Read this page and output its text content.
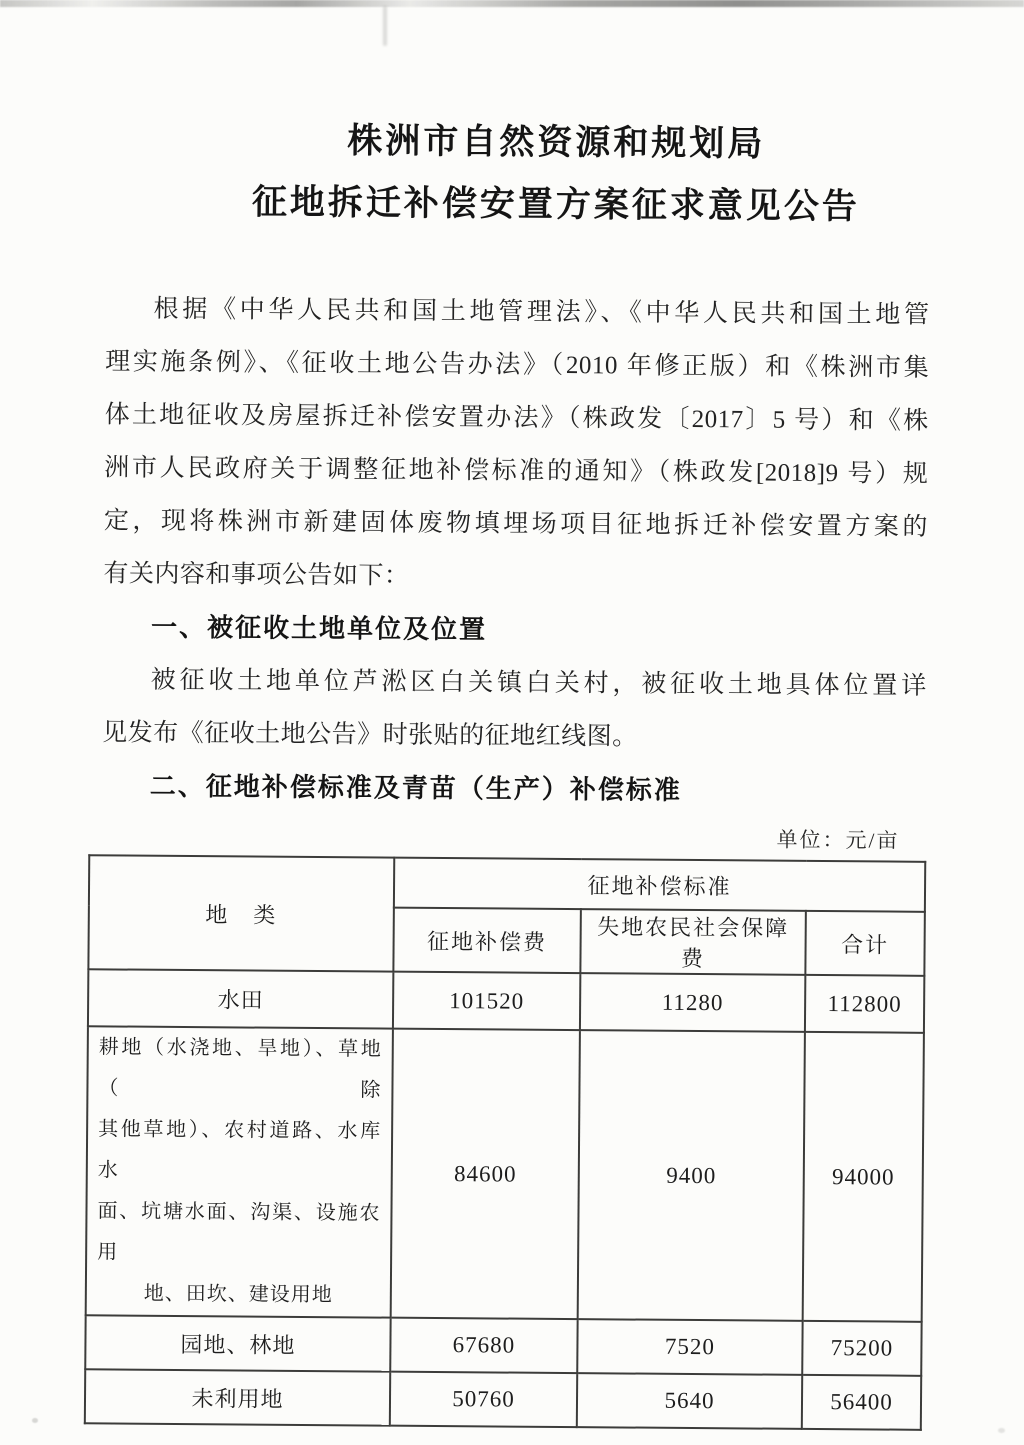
株洲市自然资源和规划局
征地拆迁补偿安置方案征求意见公告
根据《中华人民共和国土地管理法》、《中华人民共和国土地管
理实施条例》、《征收土地公告办法》（2010 年修正版）和《株洲市集
体土地征收及房屋拆迁补偿安置办法》（株政发〔2017〕5 号）和《株
洲市人民政府关于调整征地补偿标准的通知》（株政发[2018]9 号）规
定，现将株洲市新建固体废物填埋场项目征地拆迁补偿安置方案的
有关内容和事项公告如下：
一、被征收土地单位及位置
被征收土地单位芦淞区白关镇白关村，被征收土地具体位置详
见发布《征收土地公告》时张贴的征地红线图。
二、征地补偿标准及青苗（生产）补偿标准
单位：元/亩
地　类	征地补偿标准		
	征地补偿费	失地农民社会保障费	合计

水田	101520	11280	112800

耕地（水浇地、旱地）、草地（除
其他草地）、农村道路、水库水
面、坑塘水面、沟渠、设施农用
地、田坎、建设用地	84600	9400	94000

园地、林地	67680	7520	75200

未利用地	50760	5640	56400
